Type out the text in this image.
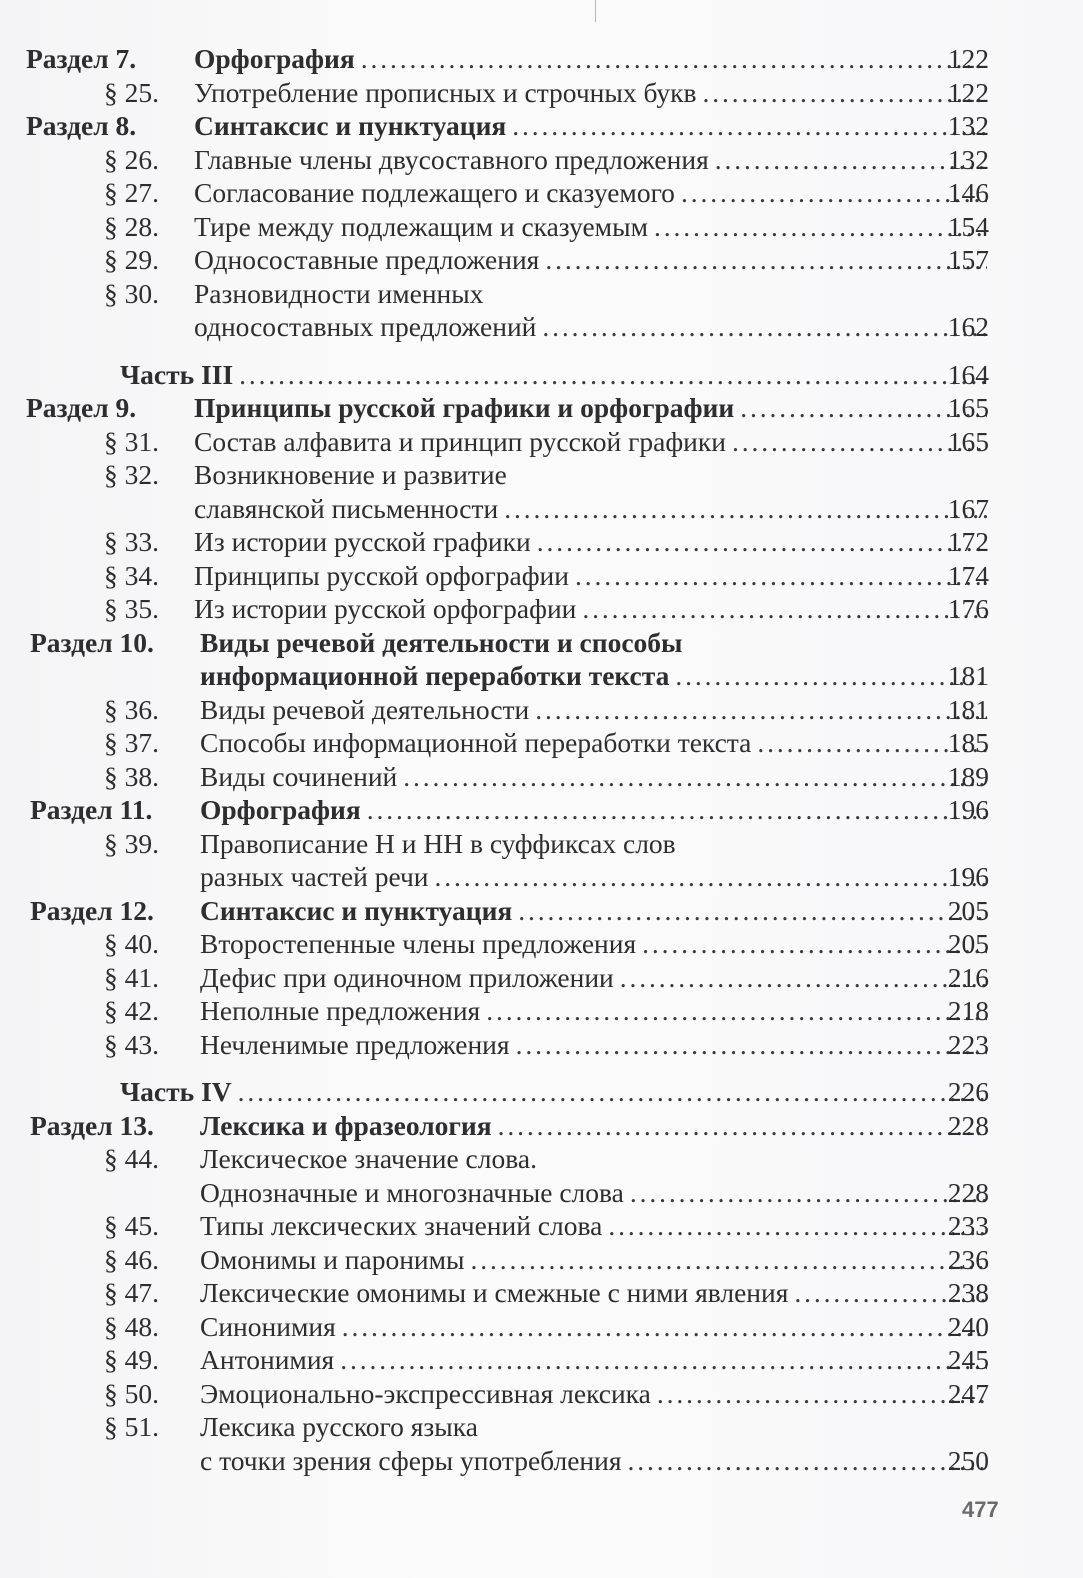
Раздел 7. Орфография . . .	122
§ 25. Употребление прописных и строчных букв . . .	122
Раздел 8. Синтаксис и пунктуация . . .	132
§ 26. Главные члены двусоставного предложения . . .	132
§ 27. Согласование подлежащего и сказуемого . . .	146
§ 28. Тире между подлежащим и сказуемым . . .	154
§ 29. Односоставные предложения . . .	157
§ 30. Разновидности именных
односоставных предложений . . .	162
Часть III . . .	164
Раздел 9. Принципы русской графики и орфографии . . .	165
§ 31. Состав алфавита и принцип русской графики . . .	165
§ 32. Возникновение и развитие
славянской письменности . . .	167
§ 33. Из истории русской графики . . .	172
§ 34. Принципы русской орфографии . . .	174
§ 35. Из истории русской орфографии . . .	176
Раздел 10. Виды речевой деятельности и способы
информационной переработки текста . . .	181
§ 36. Виды речевой деятельности . . .	181
§ 37. Способы информационной переработки текста . . .	185
§ 38. Виды сочинений . . .	189
Раздел 11. Орфография . . .	196
§ 39. Правописание Н и НН в суффиксах слов
разных частей речи . . .	196
Раздел 12. Синтаксис и пунктуация . . .	205
§ 40. Второстепенные члены предложения . . .	205
§ 41. Дефис при одиночном приложении . . .	216
§ 42. Неполные предложения . . .	218
§ 43. Нечленимые предложения . . .	223
Часть IV . . .	226
Раздел 13. Лексика и фразеология . . .	228
§ 44. Лексическое значение слова.
Однозначные и многозначные слова . . .	228
§ 45. Типы лексических значений слова . . .	233
§ 46. Омонимы и паронимы . . .	236
§ 47. Лексические омонимы и смежные с ними явления . . .	238
§ 48. Синонимия . . .	240
§ 49. Антонимия . . .	245
§ 50. Эмоционально-экспрессивная лексика . . .	247
§ 51. Лексика русского языка
с точки зрения сферы употребления . . .	250
477
